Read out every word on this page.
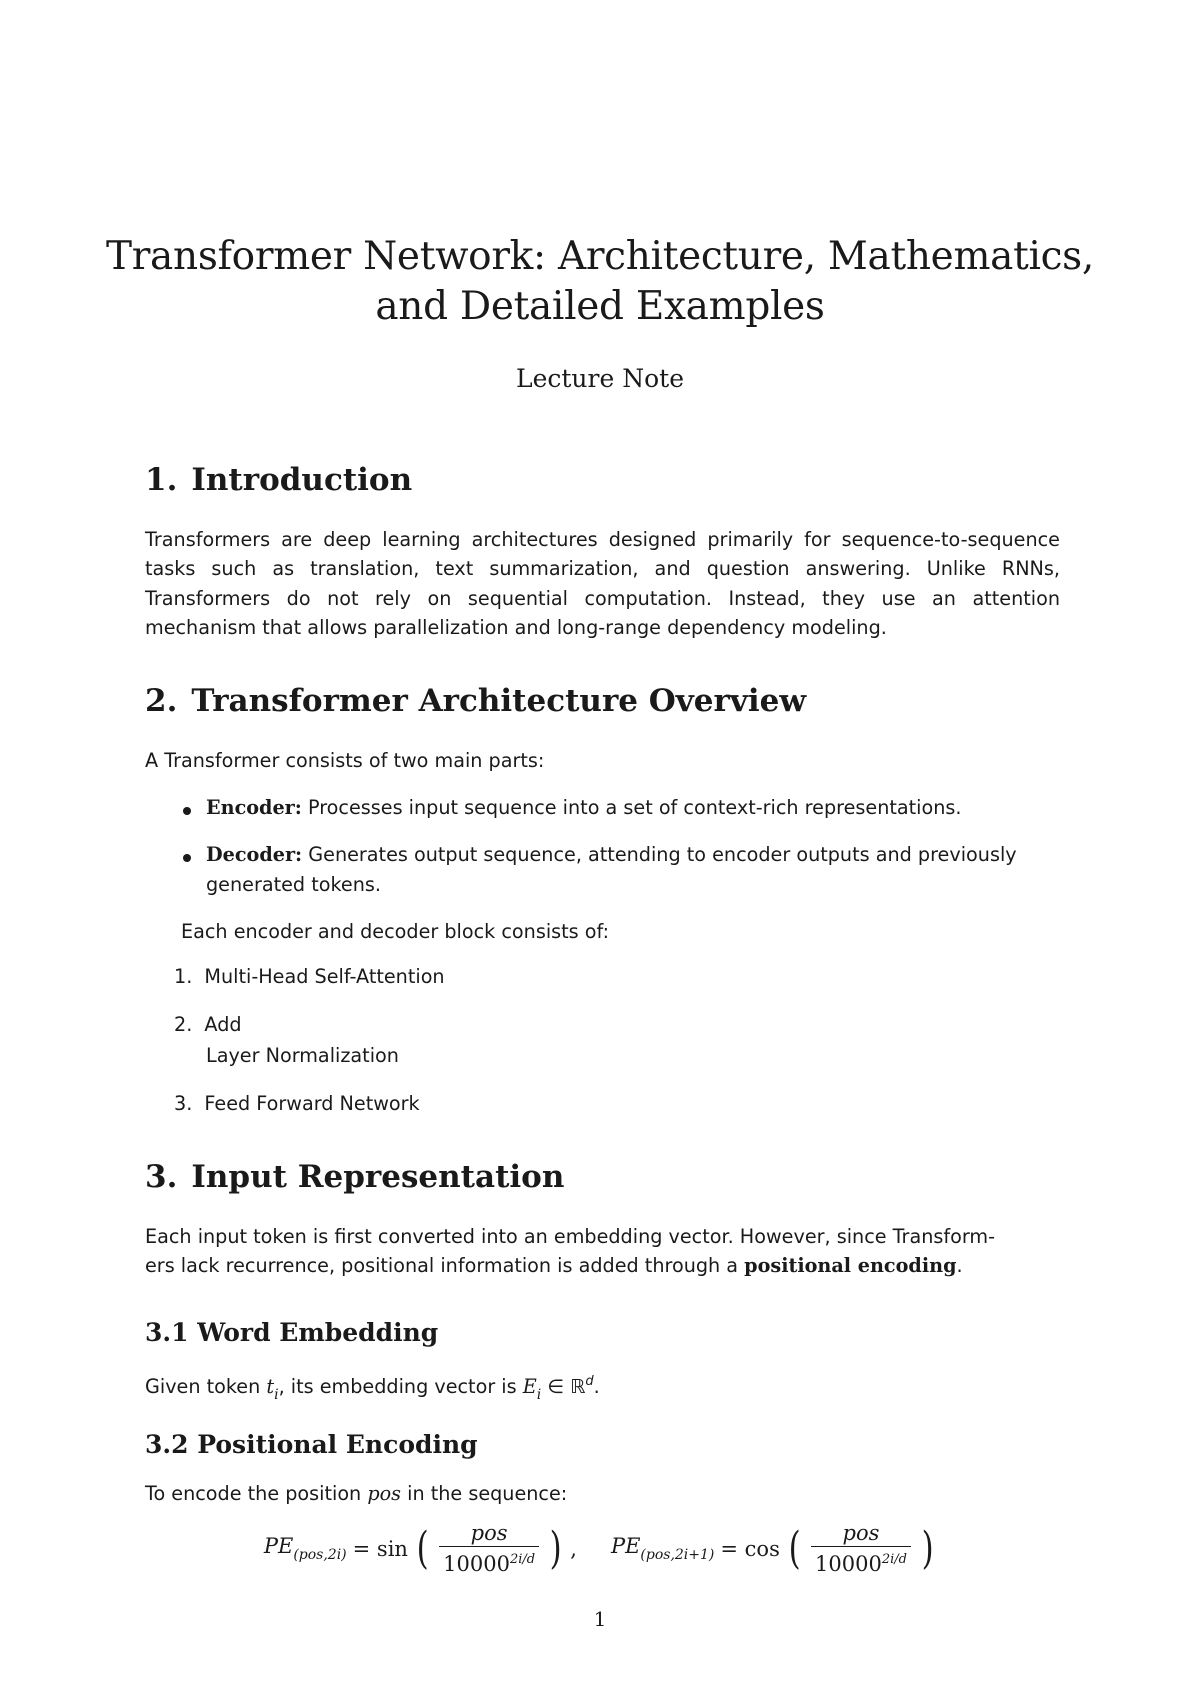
Transformer Network: Architecture, Mathematics,
and Detailed Examples
Lecture Note
1. Introduction

Transformers are deep learning architectures designed primarily for sequence-to-sequence tasks such as translation, text summarization, and question answering. Unlike RNNs, Transformers do not rely on sequential computation. Instead, they use an attention mechanism that allows parallelization and long-range dependency modeling.

2. Transformer Architecture Overview

A Transformer consists of two main parts:

Encoder: Processes input sequence into a set of context-rich representations.

Decoder: Generates output sequence, attending to encoder outputs and previously

generated tokens.

Each encoder and decoder block consists of:

1. Multi-Head Self-Attention

2. Add

Layer Normalization

3. Feed Forward Network

3. Input Representation

Each input token is first converted into an embedding vector. However, since Transform-
ers lack recurrence, positional information is added through a positional encoding.

3.1 Word Embedding

Given token $t_i$, its embedding vector is $E_i$ ∈ ℝ$^d$.

3.2 Positional Encoding

To encode the position pos in the sequence:

$PE_{(pos,2i)} = \sin$ ( $\frac{\text{pos}}{10000^{2i/d}}$ ) , $PE_{(pos,2i+1)} = \cos$ ( $\frac{\text{pos}}{10000^{2i/d}}$ )
1
